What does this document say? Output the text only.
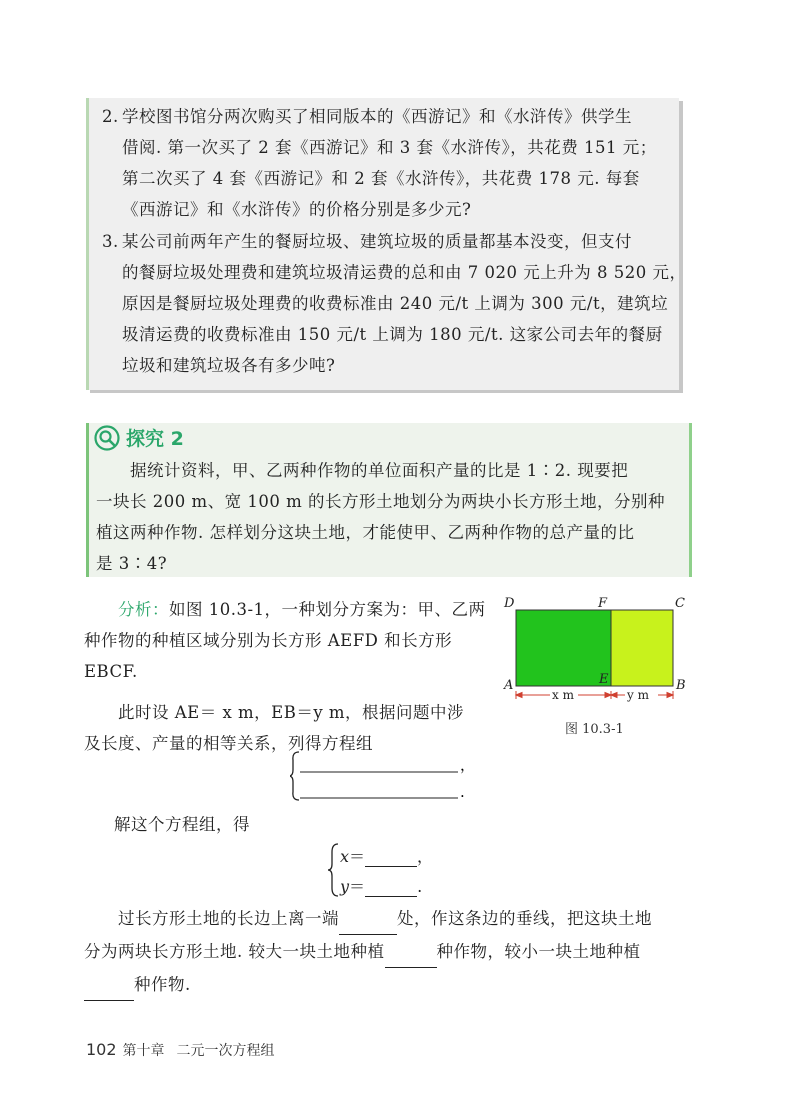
2. 学校图书馆分两次购买了相同版本的《西游记》和《水浒传》供学生
借阅. 第一次买了 2 套《西游记》和 3 套《水浒传》，共花费 151 元；
第二次买了 4 套《西游记》和 2 套《水浒传》，共花费 178 元. 每套
《西游记》和《水浒传》的价格分别是多少元?
3. 某公司前两年产生的餐厨垃圾、建筑垃圾的质量都基本没变，但支付
的餐厨垃圾处理费和建筑垃圾清运费的总和由 7 020 元上升为 8 520 元，
原因是餐厨垃圾处理费的收费标准由 240 元/t 上调为 300 元/t，建筑垃
圾清运费的收费标准由 150 元/t 上调为 180 元/t. 这家公司去年的餐厨
垃圾和建筑垃圾各有多少吨?
探究 2
据统计资料，甲、乙两种作物的单位面积产量的比是 1∶2. 现要把
一块长 200 m、宽 100 m 的长方形土地划分为两块小长方形土地，分别种
植这两种作物. 怎样划分这块土地，才能使甲、乙两种作物的总产量的比
是 3∶4?
分析：如图 10.3-1，一种划分方案为：甲、乙两
种作物的种植区域分别为长方形 AEFD 和长方形
EBCF.
此时设 AE＝ x m，EB＝y m，根据问题中涉
及长度、产量的相等关系，列得方程组
D	F	C
A	E	B
x m	y m
图 10.3-1
，
.
解这个方程组，得
x＝	，
y＝	.
过长方形土地的长边上离一端	处，作这条边的垂线，把这块土地
分为两块长方形土地. 较大一块土地种植	种作物，较小一块土地种植
种作物.
102 第十章 二元一次方程组
